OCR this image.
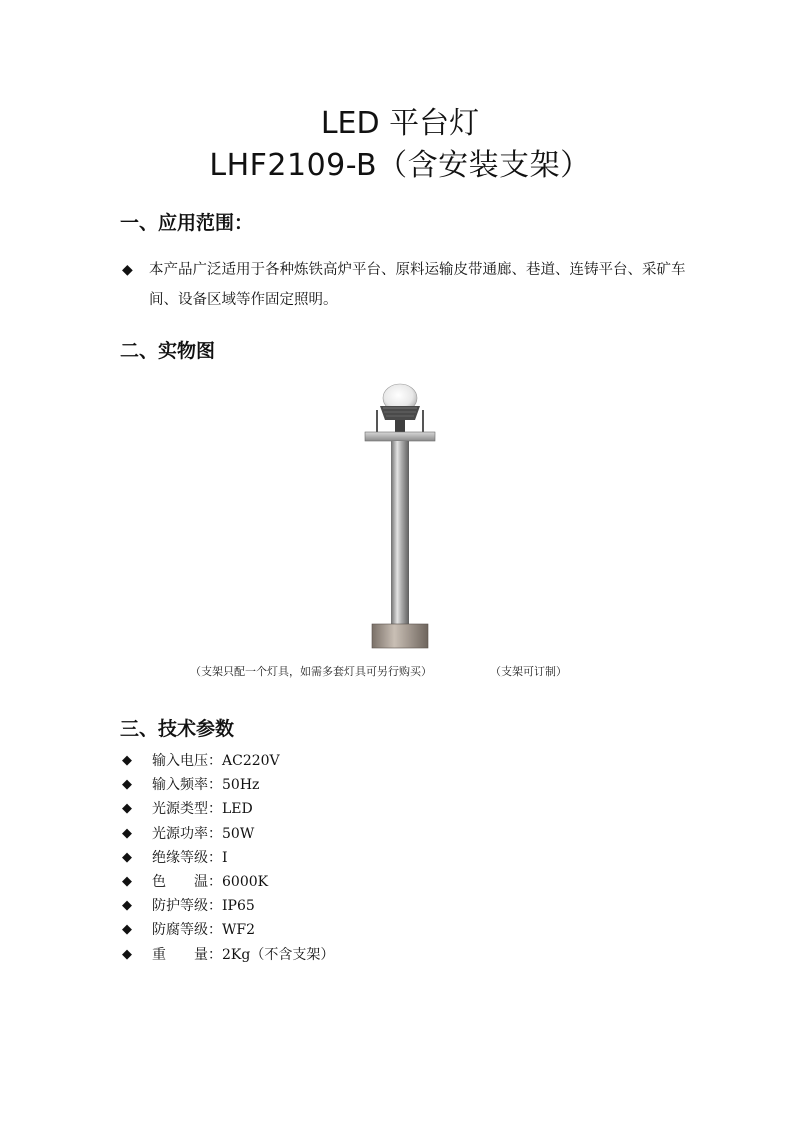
LED 平台灯
LHF2109-B（含安装支架）
一、应用范围：
◆ 本产品广泛适用于各种炼铁高炉平台、原料运输皮带通廊、巷道、连铸平台、采矿车间、设备区域等作固定照明。
二、实物图
（支架只配一个灯具，如需多套灯具可另行购买）	（支架可订制）
三、技术参数
◆ 输入电压：AC220V
◆ 输入频率：50Hz
◆ 光源类型：LED
◆ 光源功率：50W
◆ 绝缘等级：I
◆ 色　　温：6000K
◆ 防护等级：IP65
◆ 防腐等级：WF2
◆ 重　　量：2Kg（不含支架）
